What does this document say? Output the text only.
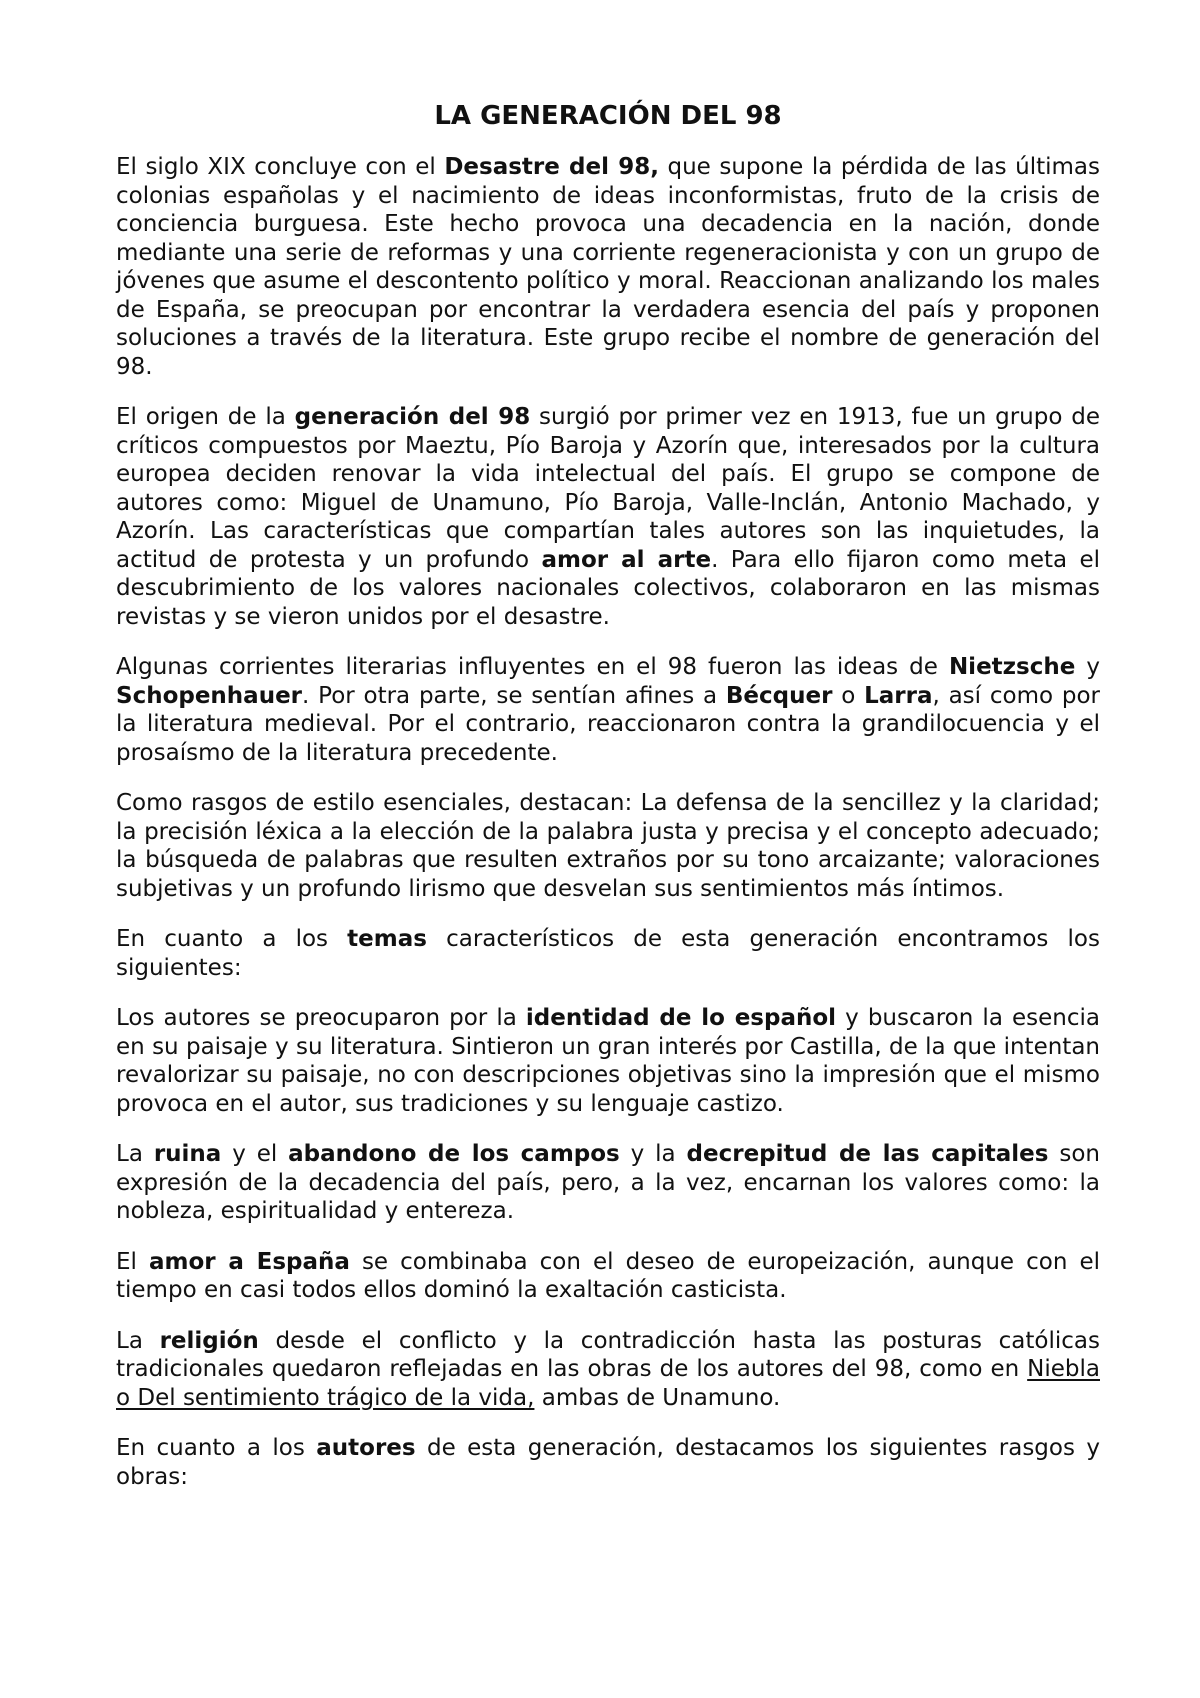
LA GENERACIÓN DEL 98

El siglo XIX concluye con el Desastre del 98, que supone la pérdida de las últimas colonias españolas y el nacimiento de ideas inconformistas, fruto de la crisis de conciencia burguesa. Este hecho provoca una decadencia en la nación, donde mediante una serie de reformas y una corriente regeneracionista y con un grupo de jóvenes que asume el descontento político y moral. Reaccionan analizando los males de España, se preocupan por encontrar la verdadera esencia del país y proponen soluciones a través de la literatura. Este grupo recibe el nombre de generación del 98.

El origen de la generación del 98 surgió por primer vez en 1913, fue un grupo de críticos compuestos por Maeztu, Pío Baroja y Azorín que, interesados por la cultura europea deciden renovar la vida intelectual del país. El grupo se compone de autores como: Miguel de Unamuno, Pío Baroja, Valle-Inclán, Antonio Machado, y Azorín. Las características que compartían tales autores son las inquietudes, la actitud de protesta y un profundo amor al arte. Para ello fijaron como meta el descubrimiento de los valores nacionales colectivos, colaboraron en las mismas revistas y se vieron unidos por el desastre.

Algunas corrientes literarias influyentes en el 98 fueron las ideas de Nietzsche y Schopenhauer. Por otra parte, se sentían afines a Bécquer o Larra, así como por la literatura medieval. Por el contrario, reaccionaron contra la grandilocuencia y el prosaísmo de la literatura precedente.

Como rasgos de estilo esenciales, destacan: La defensa de la sencillez y la claridad; la precisión léxica a la elección de la palabra justa y precisa y el concepto adecuado; la búsqueda de palabras que resulten extraños por su tono arcaizante; valoraciones subjetivas y un profundo lirismo que desvelan sus sentimientos más íntimos.

En cuanto a los temas característicos de esta generación encontramos los siguientes:

Los autores se preocuparon por la identidad de lo español y buscaron la esencia en su paisaje y su literatura. Sintieron un gran interés por Castilla, de la que intentan revalorizar su paisaje, no con descripciones objetivas sino la impresión que el mismo provoca en el autor, sus tradiciones y su lenguaje castizo.

La ruina y el abandono de los campos y la decrepitud de las capitales son expresión de la decadencia del país, pero, a la vez, encarnan los valores como: la nobleza, espiritualidad y entereza.

El amor a España se combinaba con el deseo de europeización, aunque con el tiempo en casi todos ellos dominó la exaltación casticista.

La religión desde el conflicto y la contradicción hasta las posturas católicas tradicionales quedaron reflejadas en las obras de los autores del 98, como en Niebla o Del sentimiento trágico de la vida, ambas de Unamuno.

En cuanto a los autores de esta generación, destacamos los siguientes rasgos y obras:
